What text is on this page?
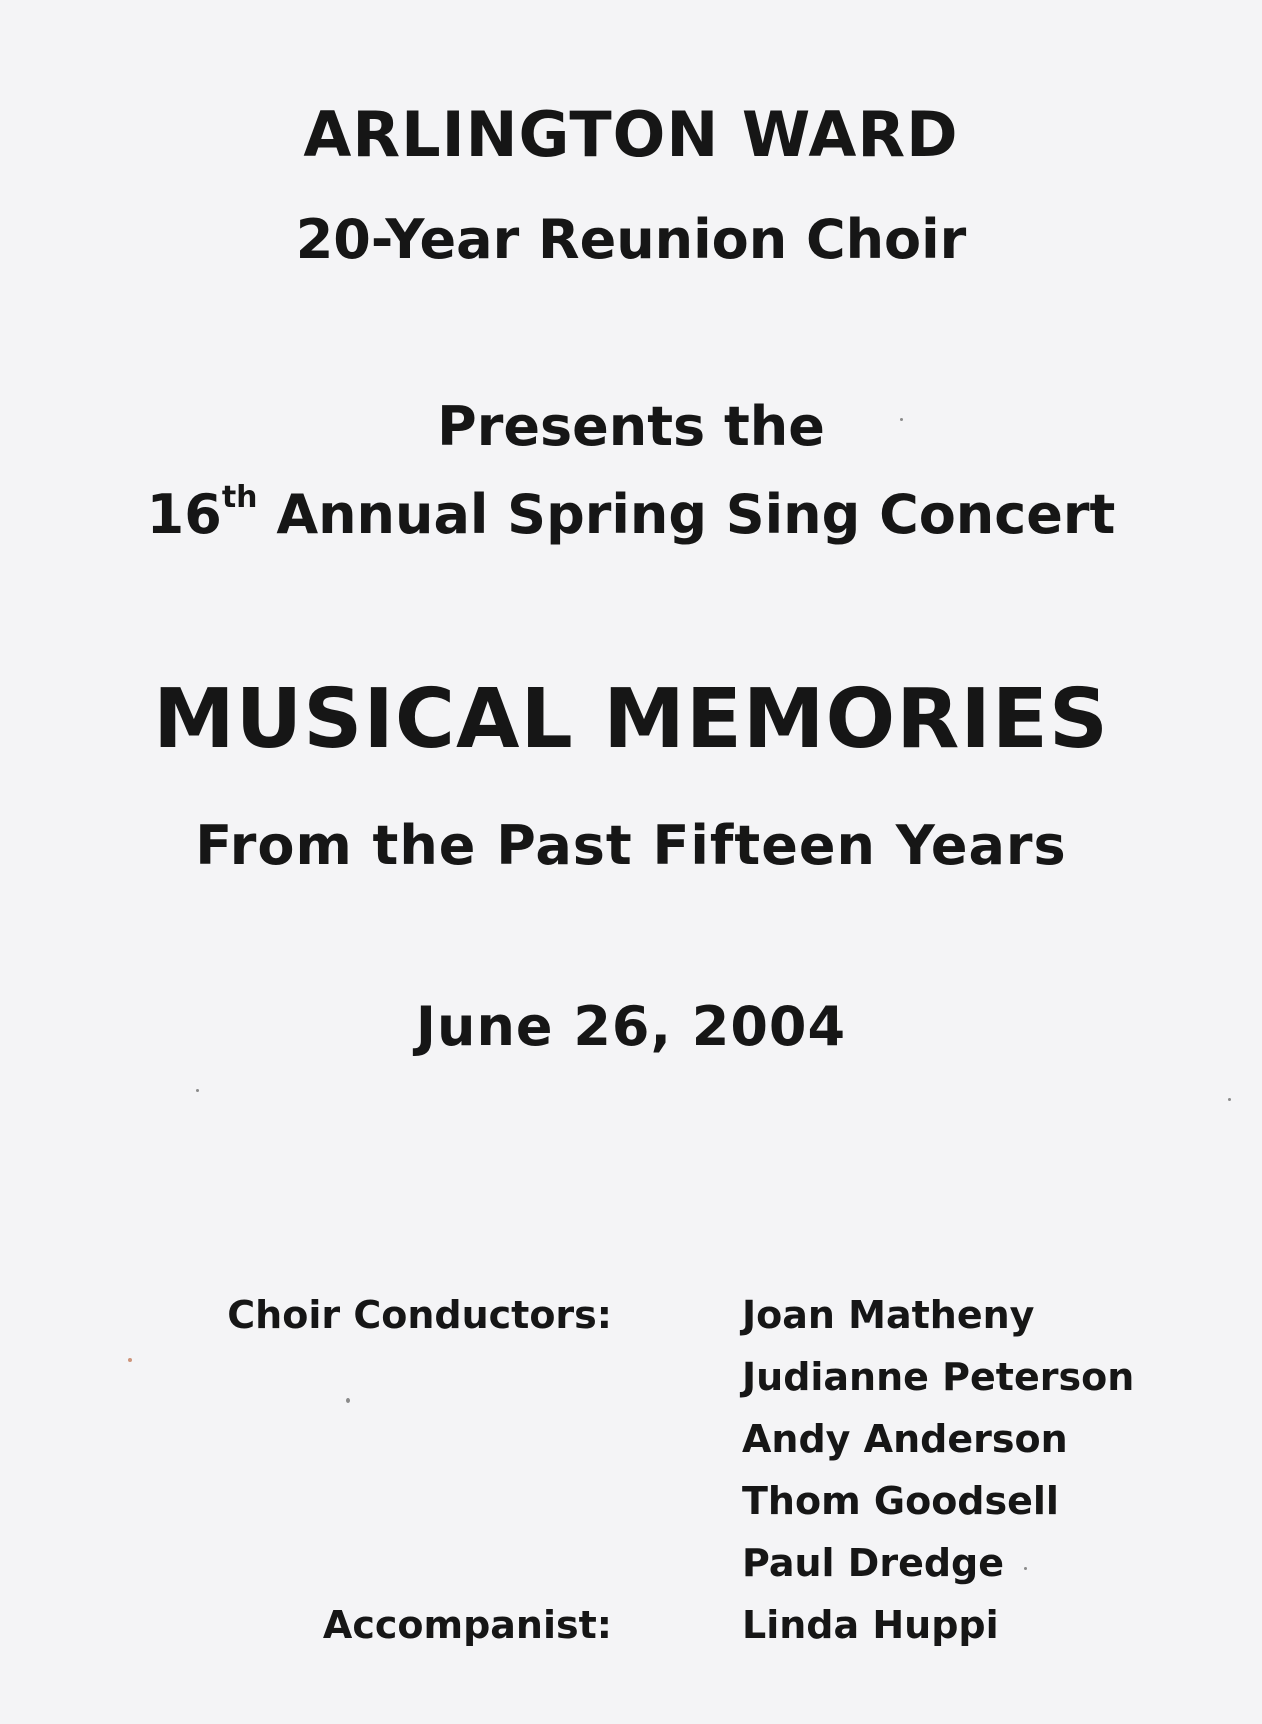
ARLINGTON WARD
20-Year Reunion Choir
Presents the
16th Annual Spring Sing Concert
MUSICAL MEMORIES
From the Past Fifteen Years
June 26, 2004
Choir Conductors:	Joan Matheny
Judianne Peterson
Andy Anderson
Thom Goodsell
Paul Dredge
Accompanist:	Linda Huppi
